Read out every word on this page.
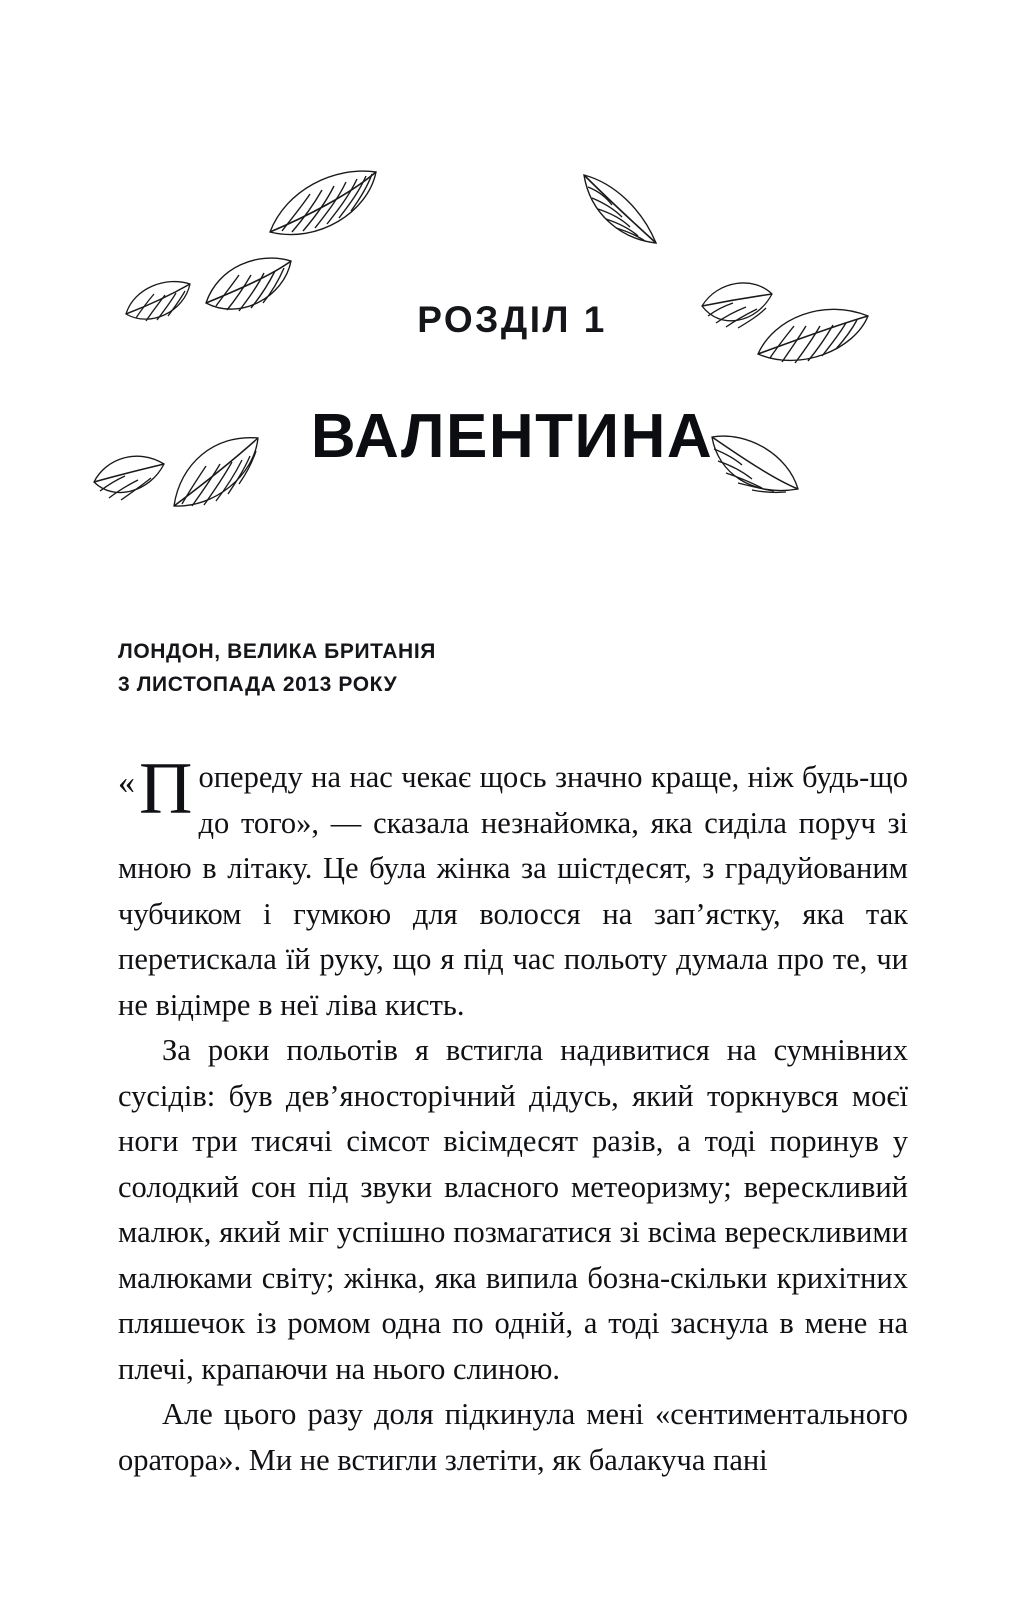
РОЗДІЛ 1
ВАЛЕНТИНА
ЛОНДОН, ВЕЛИКА БРИТАНІЯ
3 ЛИСТОПАДА 2013 РОКУ

« П опереду на нас чекає щось значно краще, ніж будь-що до того», — сказала незнайомка, яка сиділа поруч зі мною в літаку. Це була жінка за шістдесят, з градуйованим чубчиком і гумкою для волосся на зап’ястку, яка так перетискала їй руку, що я під час польоту думала про те, чи не відімре в неї ліва кисть.

За роки польотів я встигла надивитися на сумнівних сусідів: був дев’яносторічний дідусь, який торкнувся моєї ноги три тисячі сімсот вісімдесят разів, а тоді поринув у солодкий сон під звуки власного метеоризму; верескливий малюк, який міг успішно позмагатися зі всіма верескливими малюками світу; жінка, яка випила бозна-скільки крихітних пляшечок із ромом одна по одній, а тоді заснула в мене на плечі, крапаючи на нього слиною.

Але цього разу доля підкинула мені «сентиментального оратора». Ми не встигли злетіти, як балакуча пані
